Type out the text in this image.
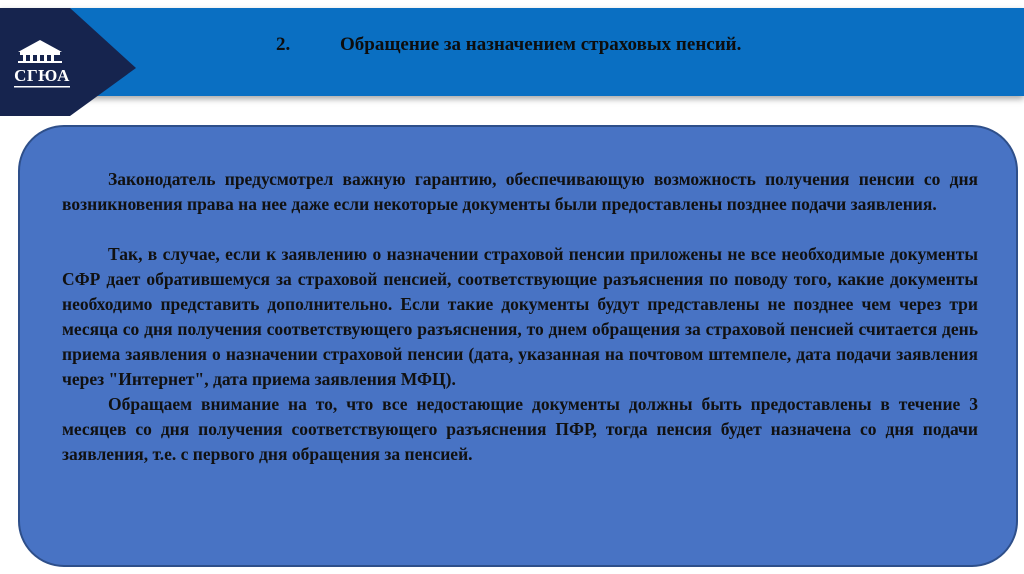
СГЮА
2.	Обращение за назначением страховых пенсий.

Законодатель предусмотрел важную гарантию, обеспечивающую возможность получения пенсии со дня возникновения права на нее даже если некоторые документы были предоставлены позднее подачи заявления.

Так, в случае, если к заявлению о назначении страховой пенсии приложены не все необходимые документы СФР дает обратившемуся за страховой пенсией, соответствующие разъяснения по поводу того, какие документы необходимо представить дополнительно. Если такие документы будут представлены не позднее чем через три месяца со дня получения соответствующего разъяснения, то днем обращения за страховой пенсией считается день приема заявления о назначении страховой пенсии (дата, указанная на почтовом штемпеле, дата подачи заявления через "Интернет", дата приема заявления МФЦ).

Обращаем внимание на то, что все недостающие документы должны быть предоставлены в течение 3 месяцев со дня получения соответствующего разъяснения ПФР, тогда пенсия будет назначена со дня подачи заявления, т.е. с первого дня обращения за пенсией.
